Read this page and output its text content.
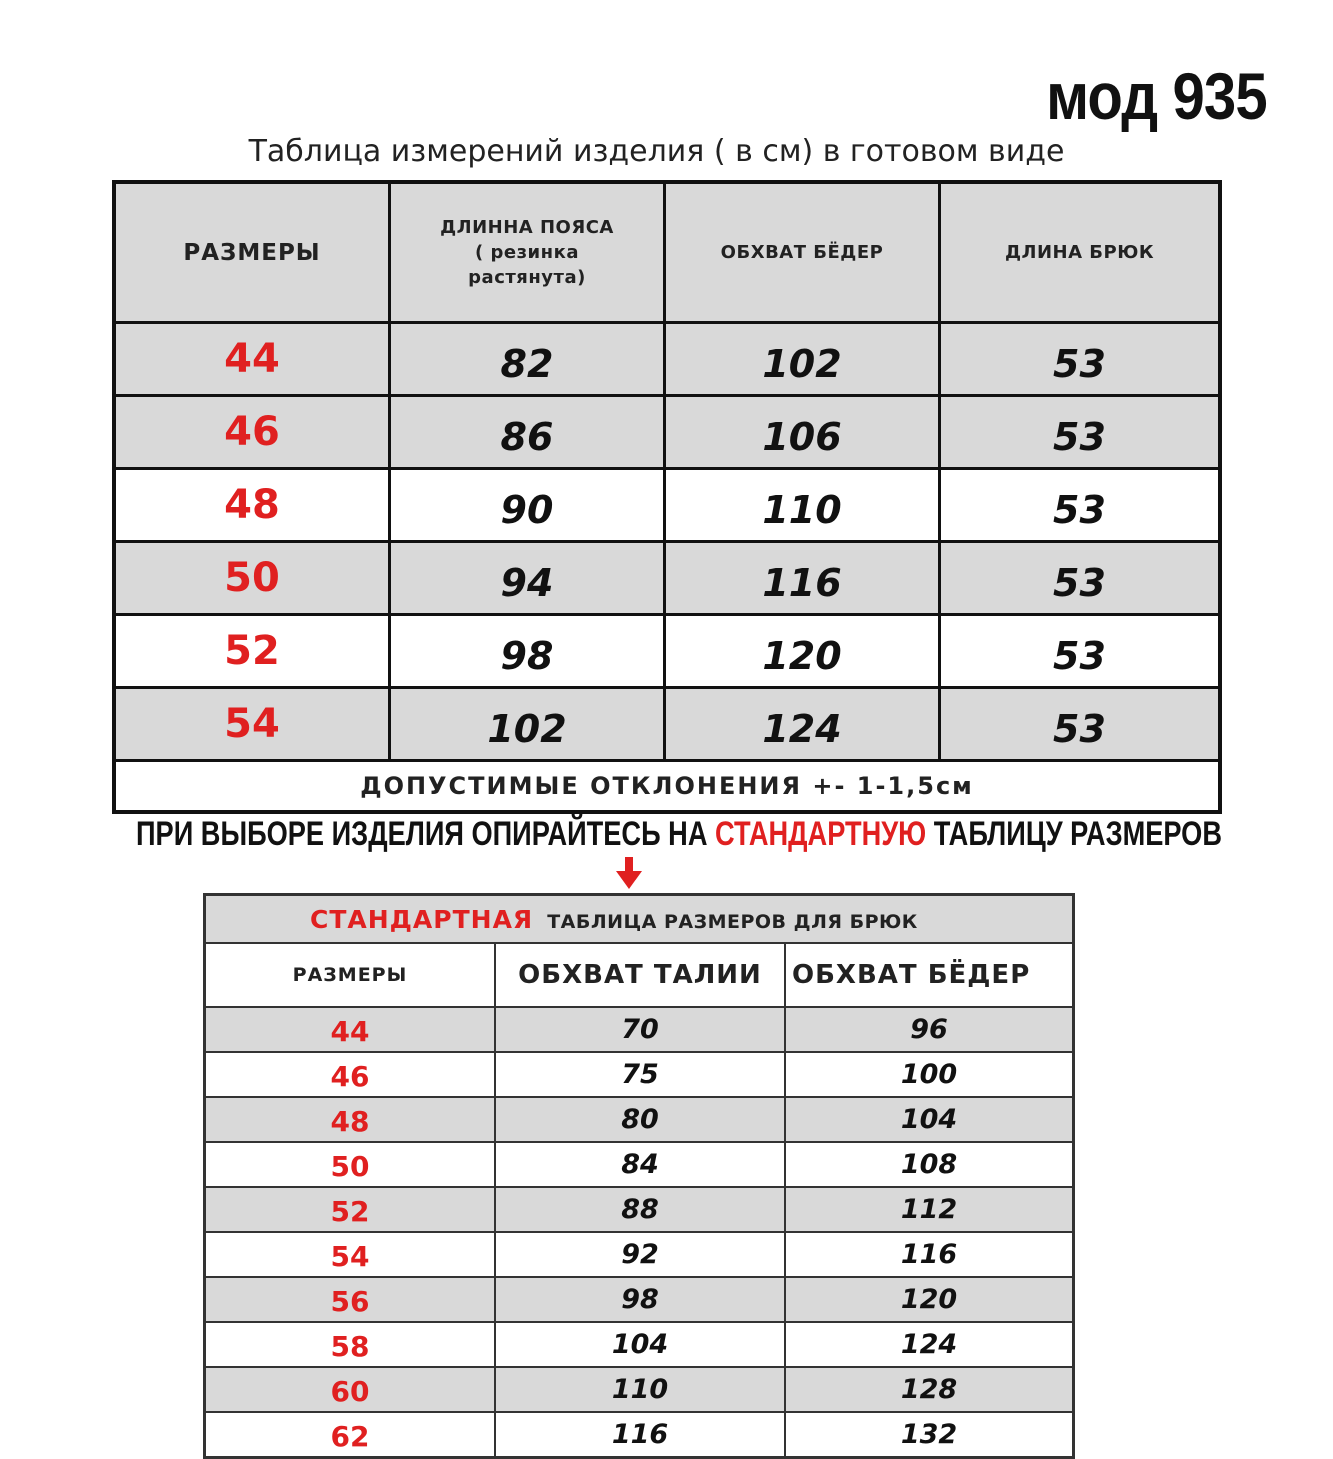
мод 935
Таблица измерений изделия ( в см) в готовом виде
РАЗМЕРЫ	ДЛИННА ПОЯСА
( резинка
растянута)	ОБХВАТ БЁДЕР	ДЛИНА БРЮК
44	82	102	53
46	86	106	53
48	90	110	53
50	94	116	53
52	98	120	53
54	102	124	53
ДОПУСТИМЫЕ ОТКЛОНЕНИЯ +- 1-1,5см			
ПРИ ВЫБОРЕ ИЗДЕЛИЯ ОПИРАЙТЕСЬ НА СТАНДАРТНУЮ ТАБЛИЦУ РАЗМЕРОВ
СТАНДАРТНАЯ ТАБЛИЦА РАЗМЕРОВ ДЛЯ БРЮК		
РАЗМЕРЫ	ОБХВАТ ТАЛИИ	ОБХВАТ БЁДЕР
44	70	96
46	75	100
48	80	104
50	84	108
52	88	112
54	92	116
56	98	120
58	104	124
60	110	128
62	116	132
